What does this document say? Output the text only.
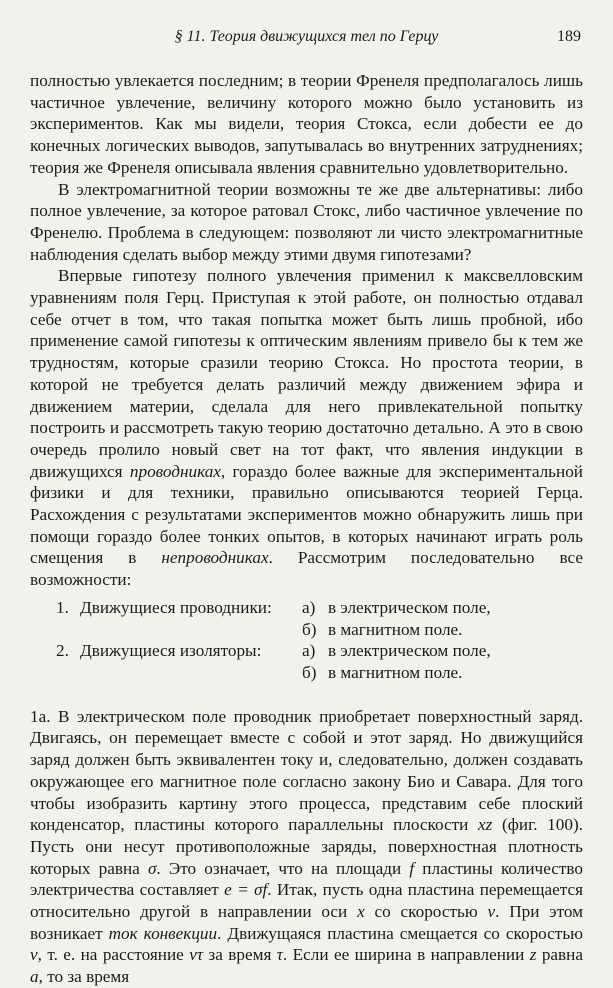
§ 11. Теория движущихся тел по Герцу	189

полностью увлекается последним; в теории Френеля предполагалось лишь частичное увлечение, величину которого можно было установить из экспериментов. Как мы видели, теория Стокса, если добести ее до конечных логических выводов, запутывалась во внутренних затруднениях; теория же Френеля описывала явления сравнительно удовлетворительно.

В электромагнитной теории возможны те же две альтернативы: либо полное увлечение, за которое ратовал Стокс, либо частичное увлечение по Френелю. Проблема в следующем: позволяют ли чисто электромагнитные наблюдения сделать выбор между этими двумя гипотезами?

Впервые гипотезу полного увлечения применил к максвелловским уравнениям поля Герц. Приступая к этой работе, он полностью отдавал себе отчет в том, что такая попытка может быть лишь пробной, ибо применение самой гипотезы к оптическим явлениям привело бы к тем же трудностям, которые сразили теорию Стокса. Но простота теории, в которой не требуется делать различий между движением эфира и движением материи, сделала для него привлекательной попытку построить и рассмотреть такую теорию достаточно детально. А это в свою очередь пролило новый свет на тот факт, что явления индукции в движущихся проводниках, гораздо более важные для экспериментальной физики и для техники, правильно описываются теорией Герца. Расхождения с результатами экспериментов можно обнаружить лишь при помощи гораздо более тонких опытов, в которых начинают играть роль смещения в непроводниках. Рассмотрим последовательно все возможности:

1. Движущиеся проводники:	а) в электрическом поле,
б) в магнитном поле.
2. Движущиеся изоляторы:	а) в электрическом поле,
б) в магнитном поле.

1а. В электрическом поле проводник приобретает поверхностный заряд. Двигаясь, он перемещает вместе с собой и этот заряд. Но движущийся заряд должен быть эквивалентен току и, следовательно, должен создавать окружающее его магнитное поле согласно закону Био и Савара. Для того чтобы изобразить картину этого процесса, представим себе плоский конденсатор, пластины которого параллельны плоскости xz (фиг. 100). Пусть они несут противоположные заряды, поверхностная плотность которых равна σ. Это означает, что на площади f пластины количество электричества составляет e = σf. Итак, пусть одна пластина перемещается относительно другой в направлении оси x со скоростью v. При этом возникает ток конвекции. Движущаяся пластина смещается со скоростью v, т. е. на расстояние vτ за время τ. Если ее ширина в направлении z равна a, то за время
